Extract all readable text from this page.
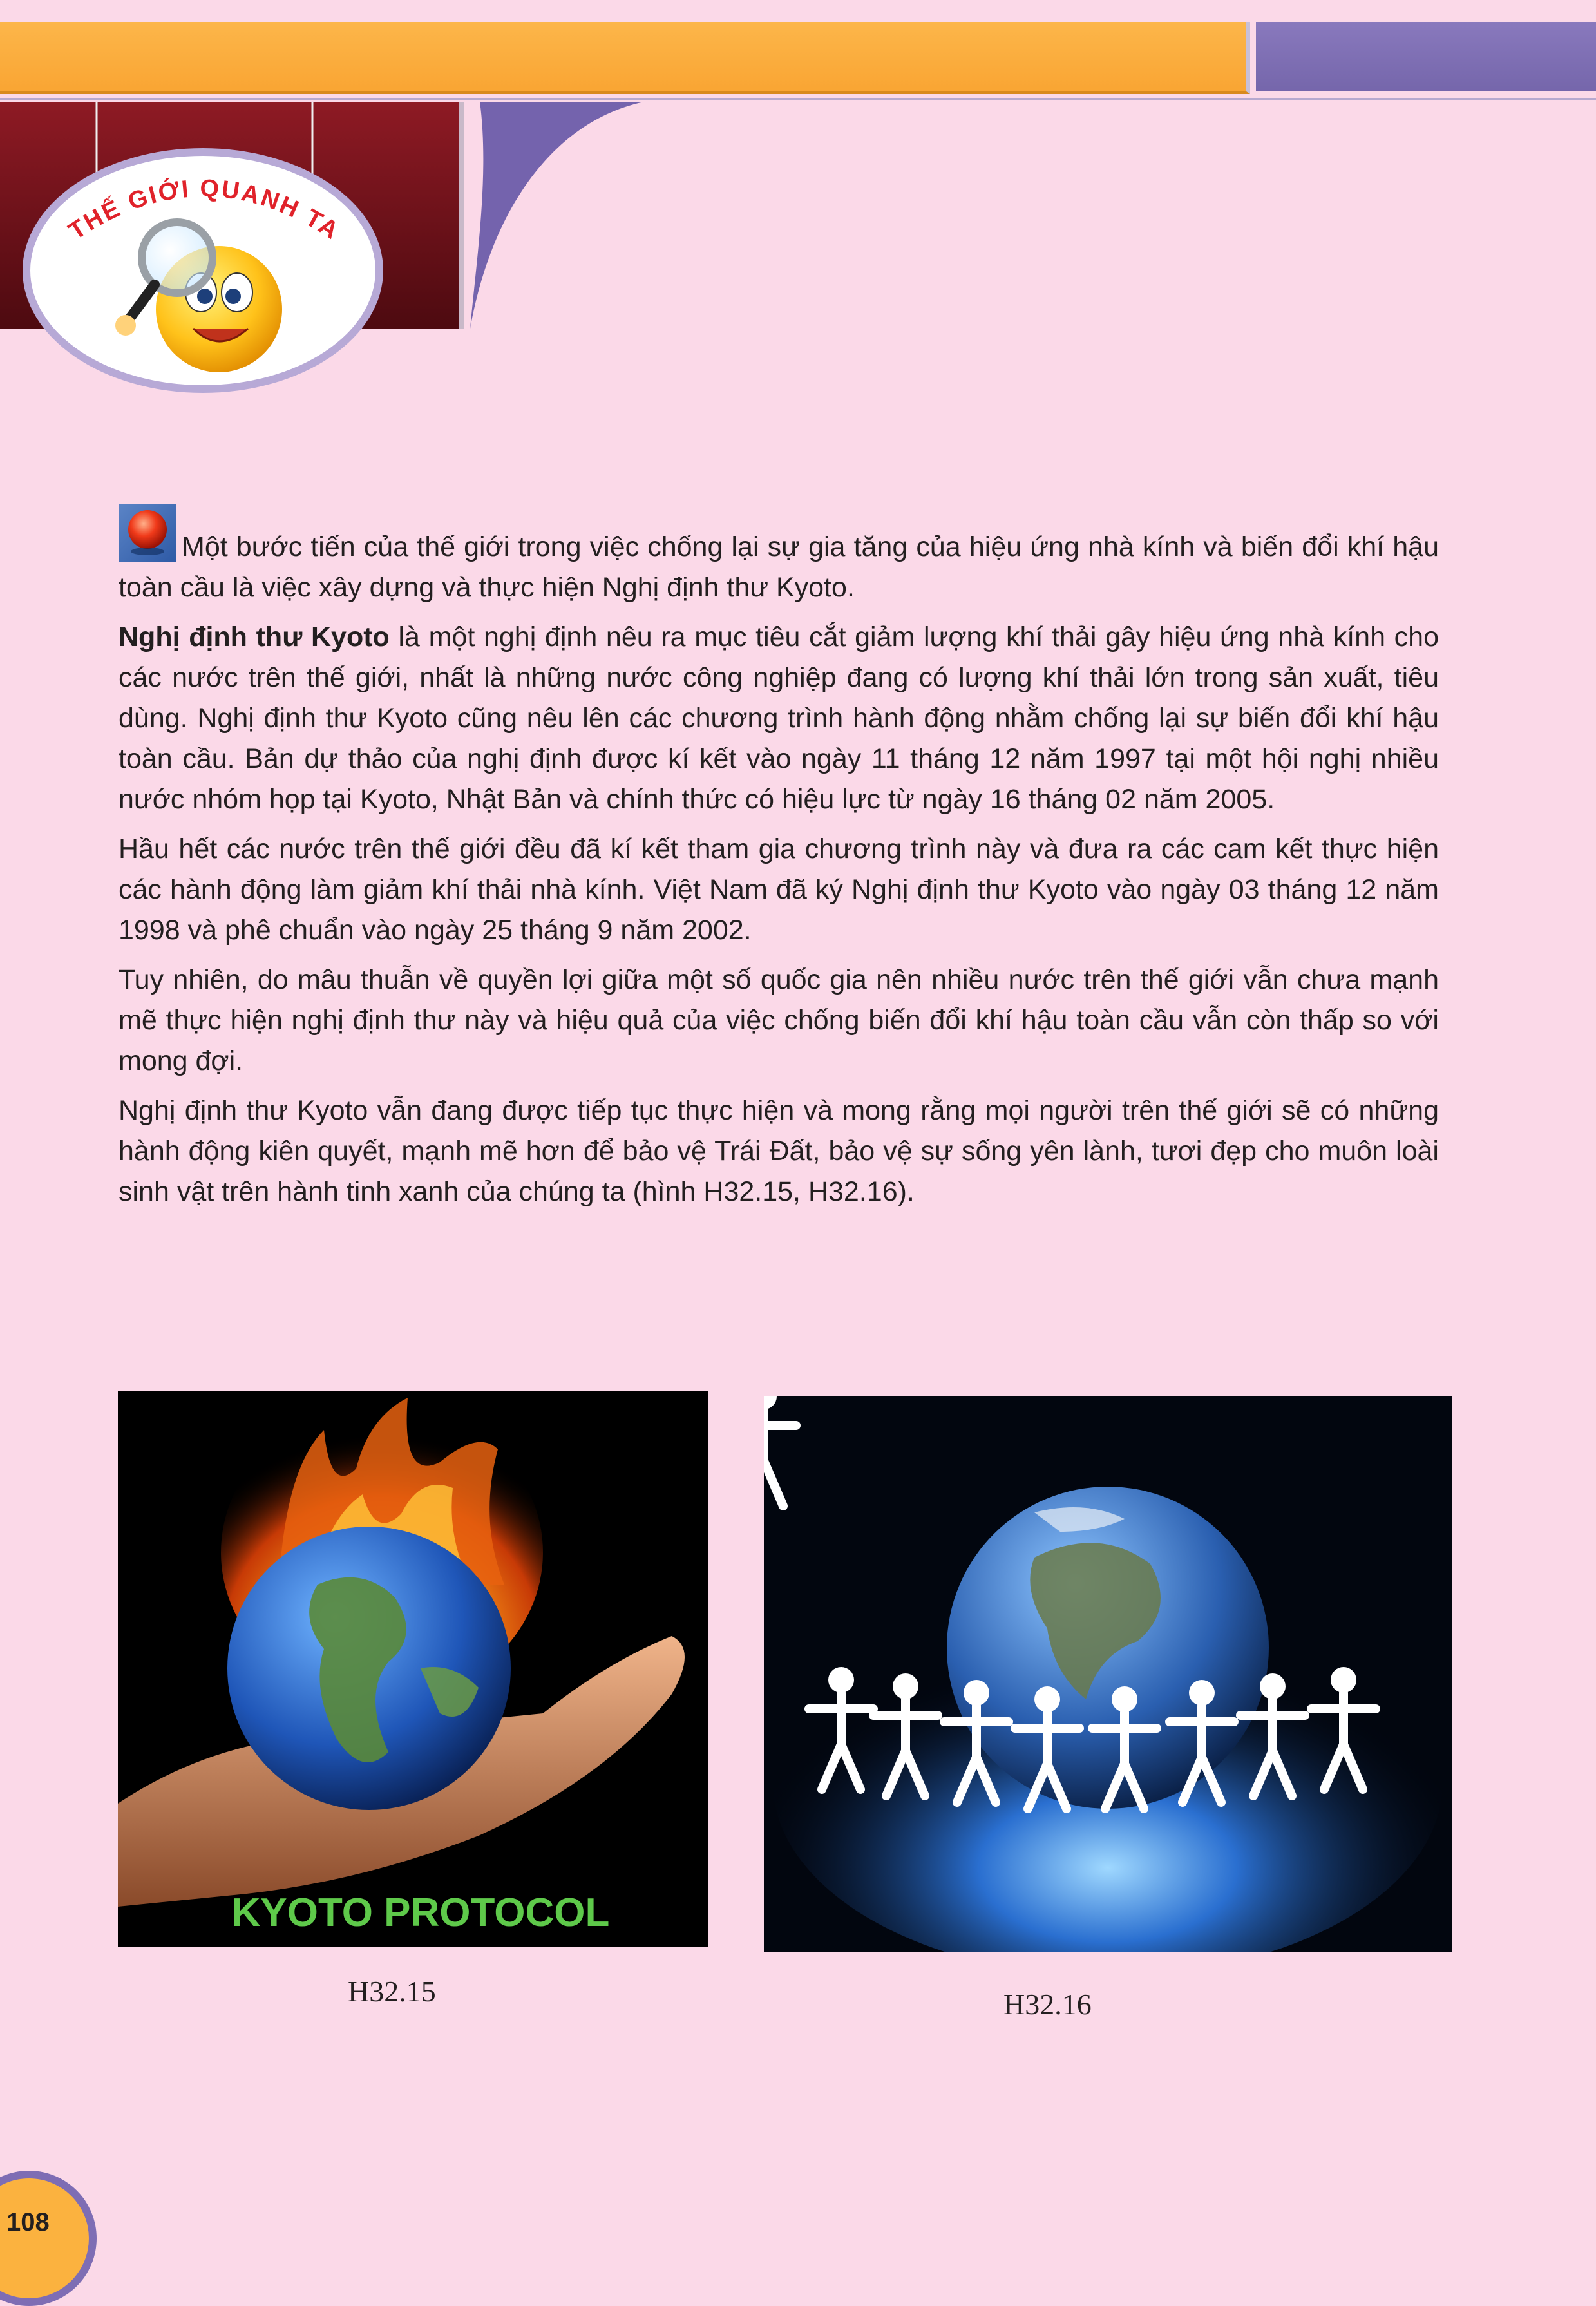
THẾ GIỚI QUANH TA

Một bước tiến của thế giới trong việc chống lại sự gia tăng của hiệu ứng nhà kính và biến đổi khí hậu toàn cầu là việc xây dựng và thực hiện Nghị định thư Kyoto.

Nghị định thư Kyoto là một nghị định nêu ra mục tiêu cắt giảm lượng khí thải gây hiệu ứng nhà kính cho các nước trên thế giới, nhất là những nước công nghiệp đang có lượng khí thải lớn trong sản xuất, tiêu dùng. Nghị định thư Kyoto cũng nêu lên các chương trình hành động nhằm chống lại sự biến đổi khí hậu toàn cầu. Bản dự thảo của nghị định được kí kết vào ngày 11 tháng 12 năm 1997 tại một hội nghị nhiều nước nhóm họp tại Kyoto, Nhật Bản và chính thức có hiệu lực từ ngày 16 tháng 02 năm 2005.

Hầu hết các nước trên thế giới đều đã kí kết tham gia chương trình này và đưa ra các cam kết thực hiện các hành động làm giảm khí thải nhà kính. Việt Nam đã ký Nghị định thư Kyoto vào ngày 03 tháng 12 năm 1998 và phê chuẩn vào ngày 25 tháng 9 năm 2002.

Tuy nhiên, do mâu thuẫn về quyền lợi giữa một số quốc gia nên nhiều nước trên thế giới vẫn chưa mạnh mẽ thực hiện nghị định thư này và hiệu quả của việc chống biến đổi khí hậu toàn cầu vẫn còn thấp so với mong đợi.

Nghị định thư Kyoto vẫn đang được tiếp tục thực hiện và mong rằng mọi người trên thế giới sẽ có những hành động kiên quyết, mạnh mẽ hơn để bảo vệ Trái Đất, bảo vệ sự sống yên lành, tươi đẹp cho muôn loài sinh vật trên hành tinh xanh của chúng ta (hình H32.15, H32.16).

KYOTO PROTOCOL
H32.15	H32.16
108
